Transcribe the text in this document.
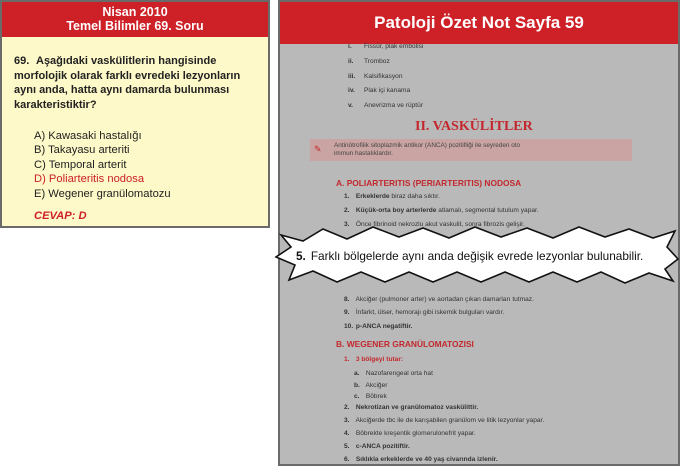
Nisan 2010
Temel Bilimler 69. Soru
69. Aşağıdaki vaskülitlerin hangisinde morfolojik olarak farklı evredeki lezyonların aynı anda, hatta aynı damarda bulunması karakteristiktir?
A) Kawasaki hastalığı
B) Takayasu arteriti
C) Temporal arterit
D) Poliarteritis nodosa
E) Wegener granülomatozu
CEVAP: D
Patoloji Özet Not Sayfa 59
i. Fissür, plak embolisi
ii. Tromboz
iii. Kalsifikasyon
iv. Plak içi kanama
v. Anevrizma ve rüptür
II. VASKÜLİTLER
✎	Antinötrofilik sitoplazmik antikor (ANCA) pozitifliği ile seyreden oto
immun hastalıklardır.
A. POLIARTERITIS (PERIARTERITIS) NODOSA
1. Erkeklerde biraz daha sıktır.
2. Küçük-orta boy arterlerde atlamalı, segmental tutulum yapar.
3. Önce fibrinoid nekrozlu akut vaskulit, sonra fibrozis gelişir.
8. Akciğer (pulmoner arter) ve aortadan çıkan damarları tutmaz.
9. İnfarkt, ülser, hemorajı gibi iskemik bulguları vardır.
10. p-ANCA negatiftir.
B. WEGENER GRANÜLOMATOZISI
1. 3 bölgeyi tutar:
a. Nazofarengeal orta hat
b. Akciğer
c. Böbrek
2. Nekrotizan ve granülomatoz vaskülittir.
3. Akciğerde tbc ile de karışabilen granülom ve litik lezyonlar yapar.
4. Böbrekte kreşentik glomerulonefrit yapar.
5. c-ANCA pozitiftir.
6. Sıklıkla erkeklerde ve 40 yaş civarında izlenir.
5. Farklı bölgelerde aynı anda değişik evrede lezyonlar bulunabilir.
